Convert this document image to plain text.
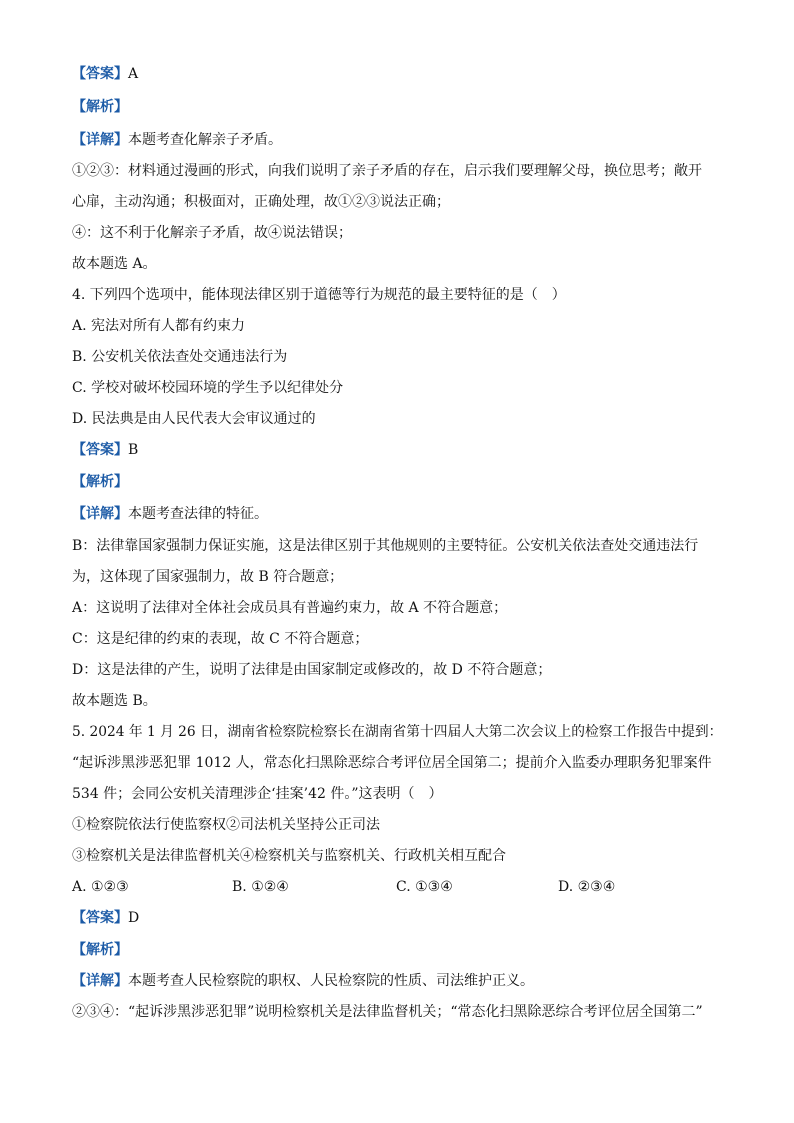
【答案】A
【解析】
【详解】本题考查化解亲子矛盾。
①②③：材料通过漫画的形式，向我们说明了亲子矛盾的存在，启示我们要理解父母，换位思考；敞开
心扉，主动沟通；积极面对，正确处理，故①②③说法正确；
④：这不利于化解亲子矛盾，故④说法错误；
故本题选 A。
4. 下列四个选项中，能体现法律区别于道德等行为规范的最主要特征的是（　）
A. 宪法对所有人都有约束力
B. 公安机关依法查处交通违法行为
C. 学校对破坏校园环境的学生予以纪律处分
D. 民法典是由人民代表大会审议通过的
【答案】B
【解析】
【详解】本题考查法律的特征。
B：法律靠国家强制力保证实施，这是法律区别于其他规则的主要特征。公安机关依法查处交通违法行
为，这体现了国家强制力，故 B 符合题意；
A：这说明了法律对全体社会成员具有普遍约束力，故 A 不符合题意；
C：这是纪律的约束的表现，故 C 不符合题意；
D：这是法律的产生，说明了法律是由国家制定或修改的，故 D 不符合题意；
故本题选 B。
5. 2024 年 1 月 26 日，湖南省检察院检察长在湖南省第十四届人大第二次会议上的检察工作报告中提到：
“起诉涉黑涉恶犯罪 1012 人，常态化扫黑除恶综合考评位居全国第二；提前介入监委办理职务犯罪案件
534 件；会同公安机关清理涉企‘挂案’42 件。”这表明（　）
①检察院依法行使监察权②司法机关坚持公正司法
③检察机关是法律监督机关④检察机关与监察机关、行政机关相互配合
A. ①②③	B. ①②④	C. ①③④	D. ②③④
【答案】D
【解析】
【详解】本题考查人民检察院的职权、人民检察院的性质、司法维护正义。
②③④：“起诉涉黑涉恶犯罪”说明检察机关是法律监督机关；“常态化扫黑除恶综合考评位居全国第二”
